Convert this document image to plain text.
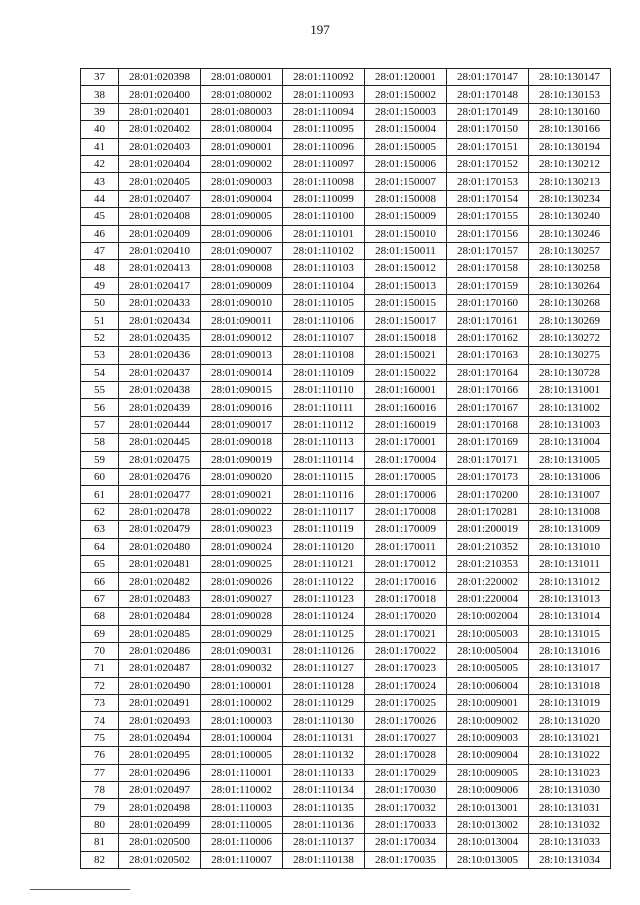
197
37	28:01:020398	28:01:080001	28:01:110092	28:01:120001	28:01:170147	28:10:130147
38	28:01:020400	28:01:080002	28:01:110093	28:01:150002	28:01:170148	28:10:130153
39	28:01:020401	28:01:080003	28:01:110094	28:01:150003	28:01:170149	28:10:130160
40	28:01:020402	28:01:080004	28:01:110095	28:01:150004	28:01:170150	28:10:130166
41	28:01:020403	28:01:090001	28:01:110096	28:01:150005	28:01:170151	28:10:130194
42	28:01:020404	28:01:090002	28:01:110097	28:01:150006	28:01:170152	28:10:130212
43	28:01:020405	28:01:090003	28:01:110098	28:01:150007	28:01:170153	28:10:130213
44	28:01:020407	28:01:090004	28:01:110099	28:01:150008	28:01:170154	28:10:130234
45	28:01:020408	28:01:090005	28:01:110100	28:01:150009	28:01:170155	28:10:130240
46	28:01:020409	28:01:090006	28:01:110101	28:01:150010	28:01:170156	28:10:130246
47	28:01:020410	28:01:090007	28:01:110102	28:01:150011	28:01:170157	28:10:130257
48	28:01:020413	28:01:090008	28:01:110103	28:01:150012	28:01:170158	28:10:130258
49	28:01:020417	28:01:090009	28:01:110104	28:01:150013	28:01:170159	28:10:130264
50	28:01:020433	28:01:090010	28:01:110105	28:01:150015	28:01:170160	28:10:130268
51	28:01:020434	28:01:090011	28:01:110106	28:01:150017	28:01:170161	28:10:130269
52	28:01:020435	28:01:090012	28:01:110107	28:01:150018	28:01:170162	28:10:130272
53	28:01:020436	28:01:090013	28:01:110108	28:01:150021	28:01:170163	28:10:130275
54	28:01:020437	28:01:090014	28:01:110109	28:01:150022	28:01:170164	28:10:130728
55	28:01:020438	28:01:090015	28:01:110110	28:01:160001	28:01:170166	28:10:131001
56	28:01:020439	28:01:090016	28:01:110111	28:01:160016	28:01:170167	28:10:131002
57	28:01:020444	28:01:090017	28:01:110112	28:01:160019	28:01:170168	28:10:131003
58	28:01:020445	28:01:090018	28:01:110113	28:01:170001	28:01:170169	28:10:131004
59	28:01:020475	28:01:090019	28:01:110114	28:01:170004	28:01:170171	28:10:131005
60	28:01:020476	28:01:090020	28:01:110115	28:01:170005	28:01:170173	28:10:131006
61	28:01:020477	28:01:090021	28:01:110116	28:01:170006	28:01:170200	28:10:131007
62	28:01:020478	28:01:090022	28:01:110117	28:01:170008	28:01:170281	28:10:131008
63	28:01:020479	28:01:090023	28:01:110119	28:01:170009	28:01:200019	28:10:131009
64	28:01:020480	28:01:090024	28:01:110120	28:01:170011	28:01:210352	28:10:131010
65	28:01:020481	28:01:090025	28:01:110121	28:01:170012	28:01:210353	28:10:131011
66	28:01:020482	28:01:090026	28:01:110122	28:01:170016	28:01:220002	28:10:131012
67	28:01:020483	28:01:090027	28:01:110123	28:01:170018	28:01:220004	28:10:131013
68	28:01:020484	28:01:090028	28:01:110124	28:01:170020	28:10:002004	28:10:131014
69	28:01:020485	28:01:090029	28:01:110125	28:01:170021	28:10:005003	28:10:131015
70	28:01:020486	28:01:090031	28:01:110126	28:01:170022	28:10:005004	28:10:131016
71	28:01:020487	28:01:090032	28:01:110127	28:01:170023	28:10:005005	28:10:131017
72	28:01:020490	28:01:100001	28:01:110128	28:01:170024	28:10:006004	28:10:131018
73	28:01:020491	28:01:100002	28:01:110129	28:01:170025	28:10:009001	28:10:131019
74	28:01:020493	28:01:100003	28:01:110130	28:01:170026	28:10:009002	28:10:131020
75	28:01:020494	28:01:100004	28:01:110131	28:01:170027	28:10:009003	28:10:131021
76	28:01:020495	28:01:100005	28:01:110132	28:01:170028	28:10:009004	28:10:131022
77	28:01:020496	28:01:110001	28:01:110133	28:01:170029	28:10:009005	28:10:131023
78	28:01:020497	28:01:110002	28:01:110134	28:01:170030	28:10:009006	28:10:131030
79	28:01:020498	28:01:110003	28:01:110135	28:01:170032	28:10:013001	28:10:131031
80	28:01:020499	28:01:110005	28:01:110136	28:01:170033	28:10:013002	28:10:131032
81	28:01:020500	28:01:110006	28:01:110137	28:01:170034	28:10:013004	28:10:131033
82	28:01:020502	28:01:110007	28:01:110138	28:01:170035	28:10:013005	28:10:131034
